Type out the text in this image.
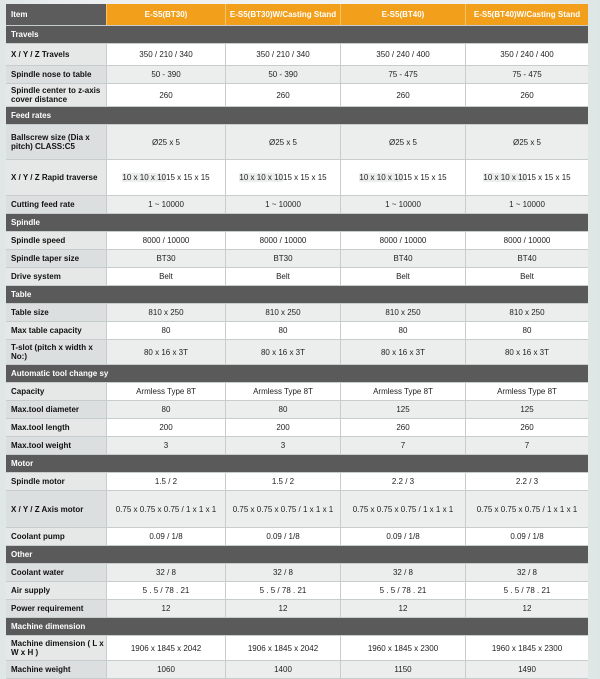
Item	E-S5(BT30)	E-S5(BT30)W/Casting Stand	E-S5(BT40)	E-S5(BT40)W/Casting Stand
Travels
X / Y / Z Travels	350 / 210 / 340	350 / 210 / 340	350 / 240 / 400	350 / 240 / 400
Spindle nose to table	50 - 390	50 - 390	75 - 475	75 - 475
Spindle center to z-axis cover distance	260	260	260	260
Feed rates
Ballscrew size (Dia x pitch) CLASS:C5	Ø25 x 5	Ø25 x 5	Ø25 x 5	Ø25 x 5
X / Y / Z Rapid traverse	10 x 10 x 10 15 x 15 x 15	10 x 10 x 10 15 x 15 x 15	10 x 10 x 10 15 x 15 x 15	10 x 10 x 10 15 x 15 x 15
Cutting feed rate	1 ~ 10000	1 ~ 10000	1 ~ 10000	1 ~ 10000
Spindle
Spindle speed	8000 / 10000	8000 / 10000	8000 / 10000	8000 / 10000
Spindle taper size	BT30	BT30	BT40	BT40
Drive system	Belt	Belt	Belt	Belt
Table
Table size	810 x 250	810 x 250	810 x 250	810 x 250
Max table capacity	80	80	80	80
T-slot (pitch x width x No:)	80 x 16 x 3T	80 x 16 x 3T	80 x 16 x 3T	80 x 16 x 3T
Automatic tool change sy
Capacity	Armless Type 8T	Armless Type 8T	Armless Type 8T	Armless Type 8T
Max.tool diameter	80	80	125	125
Max.tool length	200	200	260	260
Max.tool weight	3	3	7	7
Motor
Spindle motor	1.5 / 2	1.5 / 2	2.2 / 3	2.2 / 3
X / Y / Z Axis motor	0.75 x 0.75 x 0.75 / 1 x 1 x 1	0.75 x 0.75 x 0.75 / 1 x 1 x 1	0.75 x 0.75 x 0.75 / 1 x 1 x 1	0.75 x 0.75 x 0.75 / 1 x 1 x 1
Coolant pump	0.09 / 1/8	0.09 / 1/8	0.09 / 1/8	0.09 / 1/8
Other
Coolant water	32 / 8	32 / 8	32 / 8	32 / 8
Air supply	5 . 5 / 78 . 21	5 . 5 / 78 . 21	5 . 5 / 78 . 21	5 . 5 / 78 . 21
Power requirement	12	12	12	12
Machine dimension
Machine dimension ( L x W x H )	1906 x 1845 x 2042	1906 x 1845 x 2042	1960 x 1845 x 2300	1960 x 1845 x 2300
Machine weight	1060	1400	1150	1490
